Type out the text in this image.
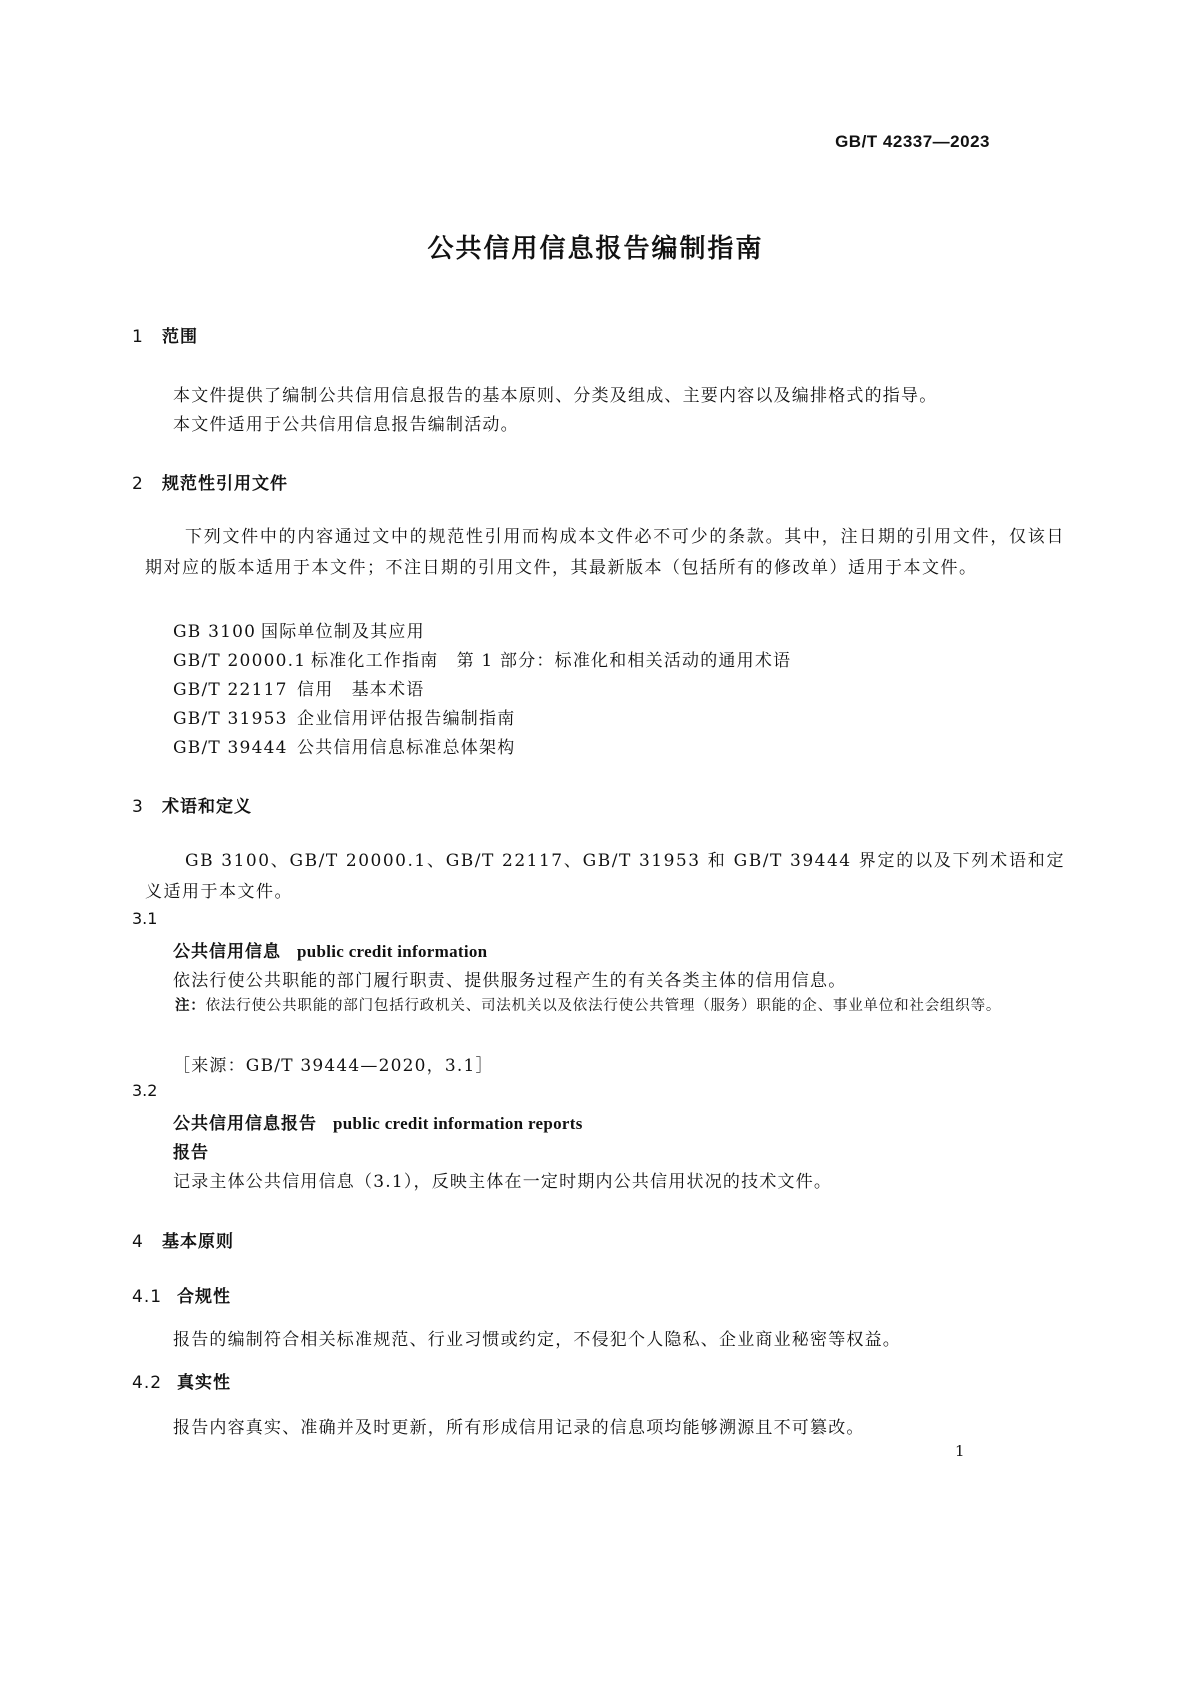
GB/T 42337—2023
公共信用信息报告编制指南
1 范围
本文件提供了编制公共信用信息报告的基本原则、分类及组成、主要内容以及编排格式的指导。
本文件适用于公共信用信息报告编制活动。
2 规范性引用文件
下列文件中的内容通过文中的规范性引用而构成本文件必不可少的条款。其中，注日期的引用文件，仅该日期对应的版本适用于本文件；不注日期的引用文件，其最新版本（包括所有的修改单）适用于本文件。
GB 3100 国际单位制及其应用
GB/T 20000.1 标准化工作指南　第 1 部分：标准化和相关活动的通用术语
GB/T 22117 信用　基本术语
GB/T 31953 企业信用评估报告编制指南
GB/T 39444 公共信用信息标准总体架构
3 术语和定义
GB 3100、GB/T 20000.1、GB/T 22117、GB/T 31953 和 GB/T 39444 界定的以及下列术语和定义适用于本文件。
3.1
公共信用信息 public credit information
依法行使公共职能的部门履行职责、提供服务过程产生的有关各类主体的信用信息。
注：依法行使公共职能的部门包括行政机关、司法机关以及依法行使公共管理（服务）职能的企、事业单位和社会组织等。
［来源：GB/T 39444—2020，3.1］
3.2
公共信用信息报告 public credit information reports
报告
记录主体公共信用信息（3.1），反映主体在一定时期内公共信用状况的技术文件。
4 基本原则
4.1 合规性
报告的编制符合相关标准规范、行业习惯或约定，不侵犯个人隐私、企业商业秘密等权益。
4.2 真实性
报告内容真实、准确并及时更新，所有形成信用记录的信息项均能够溯源且不可篡改。
1
